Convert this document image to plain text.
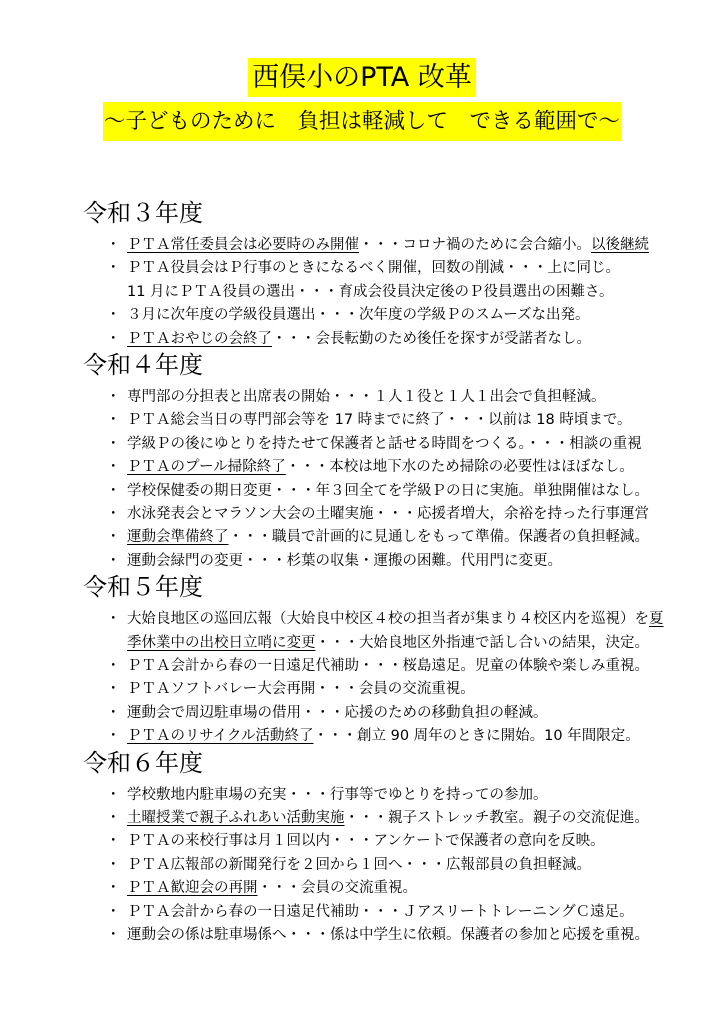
西俣小のPTA 改革
～子どものために　負担は軽減して　できる範囲で～
令和３年度
・ ＰＴＡ常任委員会は必要時のみ開催・・・コロナ禍のために会合縮小。以後継続
・ ＰＴＡ役員会はＰ行事のときになるべく開催，回数の削減・・・上に同じ。
11 月にＰＴＡ役員の選出・・・育成会役員決定後のＰ役員選出の困難さ。
・ ３月に次年度の学級役員選出・・・次年度の学級Ｐのスムーズな出発。
・ ＰＴＡおやじの会終了・・・会長転勤のため後任を探すが受諾者なし。
令和４年度
・ 専門部の分担表と出席表の開始・・・１人１役と１人１出会で負担軽減。
・ ＰＴＡ総会当日の専門部会等を 17 時までに終了・・・以前は 18 時頃まで。
・ 学級Ｐの後にゆとりを持たせて保護者と話せる時間をつくる。・・・相談の重視
・ ＰＴＡのプール掃除終了・・・本校は地下水のため掃除の必要性はほぼなし。
・ 学校保健委の期日変更・・・年３回全てを学級Ｐの日に実施。単独開催はなし。
・ 水泳発表会とマラソン大会の土曜実施・・・応援者増大，余裕を持った行事運営
・ 運動会準備終了・・・職員で計画的に見通しをもって準備。保護者の負担軽減。
・ 運動会緑門の変更・・・杉葉の収集・運搬の困難。代用門に変更。
令和５年度
・ 大姶良地区の巡回広報（大姶良中校区４校の担当者が集まり４校区内を巡視）を夏
季休業中の出校日立哨に変更・・・大姶良地区外指連で話し合いの結果，決定。
・ ＰＴＡ会計から春の一日遠足代補助・・・桜島遠足。児童の体験や楽しみ重視。
・ ＰＴＡソフトバレー大会再開・・・会員の交流重視。
・ 運動会で周辺駐車場の借用・・・応援のための移動負担の軽減。
・ ＰＴＡのリサイクル活動終了・・・創立 90 周年のときに開始。10 年間限定。
令和６年度
・ 学校敷地内駐車場の充実・・・行事等でゆとりを持っての参加。
・ 土曜授業で親子ふれあい活動実施・・・親子ストレッチ教室。親子の交流促進。
・ ＰＴＡの来校行事は月１回以内・・・アンケートで保護者の意向を反映。
・ ＰＴＡ広報部の新聞発行を２回から１回へ・・・広報部員の負担軽減。
・ ＰＴＡ歓迎会の再開・・・会員の交流重視。
・ ＰＴＡ会計から春の一日遠足代補助・・・ＪアスリートトレーニングＣ遠足。
・ 運動会の係は駐車場係へ・・・係は中学生に依頼。保護者の参加と応援を重視。
